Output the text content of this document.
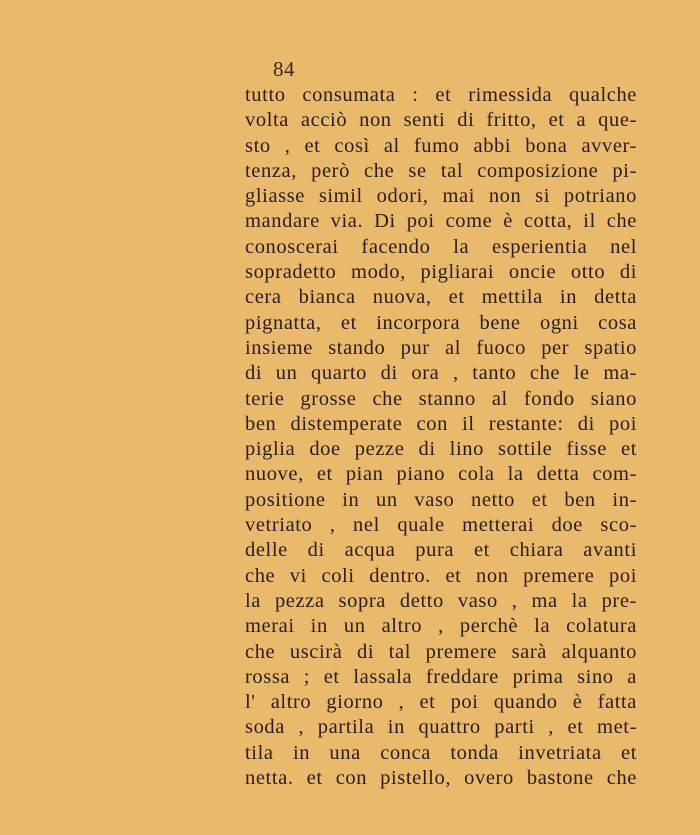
84
tutto consumata : et rimessida qualche
volta acciò non senti di fritto, et a que-
sto , et così al fumo abbi bona avver-
tenza, però che se tal composizione pi-
gliasse simil odori, mai non si potriano
mandare via. Di poi come è cotta, il che
conoscerai facendo la esperientia nel
sopradetto modo, pigliarai oncie otto di
cera bianca nuova, et mettila in detta
pignatta, et incorpora bene ogni cosa
insieme stando pur al fuoco per spatio
di un quarto di ora , tanto che le ma-
terie grosse che stanno al fondo siano
ben distemperate con il restante: di poi
piglia doe pezze di lino sottile fisse et
nuove, et pian piano cola la detta com-
positione in un vaso netto et ben in-
vetriato , nel quale metterai doe sco-
delle di acqua pura et chiara avanti
che vi coli dentro. et non premere poi
la pezza sopra detto vaso , ma la pre-
merai in un altro , perchè la colatura
che uscirà di tal premere sarà alquanto
rossa ; et lassala freddare prima sino a
l' altro giorno , et poi quando è fatta
soda , partila in quattro parti , et met-
tila in una conca tonda invetriata et
netta. et con pistello, overo bastone che
